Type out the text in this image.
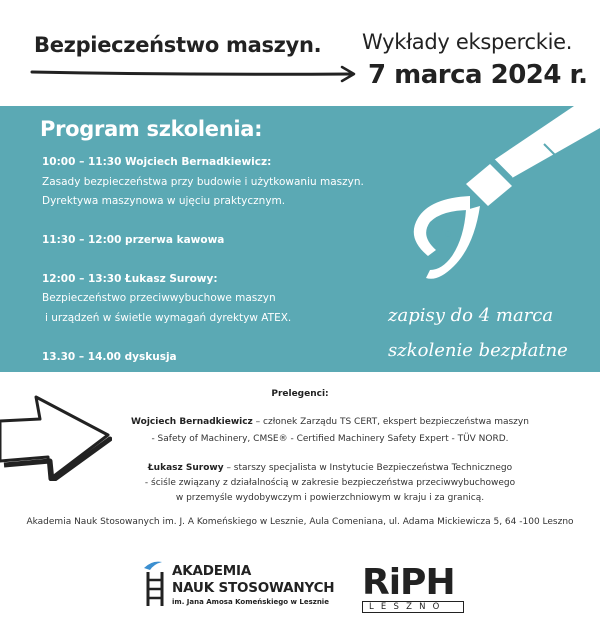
Bezpieczeństwo maszyn. Wykłady eksperckie.
7 marca 2024 r.
Program szkolenia:
10:00 – 11:30 Wojciech Bernadkiewicz:
Zasady bezpieczeństwa przy budowie i użytkowaniu maszyn.
Dyrektywa maszynowa w ujęciu praktycznym.
11:30 – 12:00 przerwa kawowa
12:00 – 13:30 Łukasz Surowy:
Bezpieczeństwo przeciwwybuchowe maszyn
i urządzeń w świetle wymagań dyrektyw ATEX.
13.30 – 14.00 dyskusja
zapisy do 4 marca
szkolenie bezpłatne
Prelegenci:
Wojciech Bernadkiewicz – członek Zarządu TS CERT, ekspert bezpieczeństwa maszyn
- Safety of Machinery, CMSE® - Certified Machinery Safety Expert - TÜV NORD.
Łukasz Surowy – starszy specjalista w Instytucie Bezpieczeństwa Technicznego
- ściśle związany z działalnością w zakresie bezpieczeństwa przeciwwybuchowego
w przemyśle wydobywczym i powierzchniowym w kraju i za granicą.
Akademia Nauk Stosowanych im. J. A Komeńskiego w Lesznie, Aula Comeniana, ul. Adama Mickiewicza 5, 64 -100 Leszno
AKADEMIA
NAUK STOSOWANYCH
im. Jana Amosa Komeńskiego w Lesznie RiPH
LESZNO
